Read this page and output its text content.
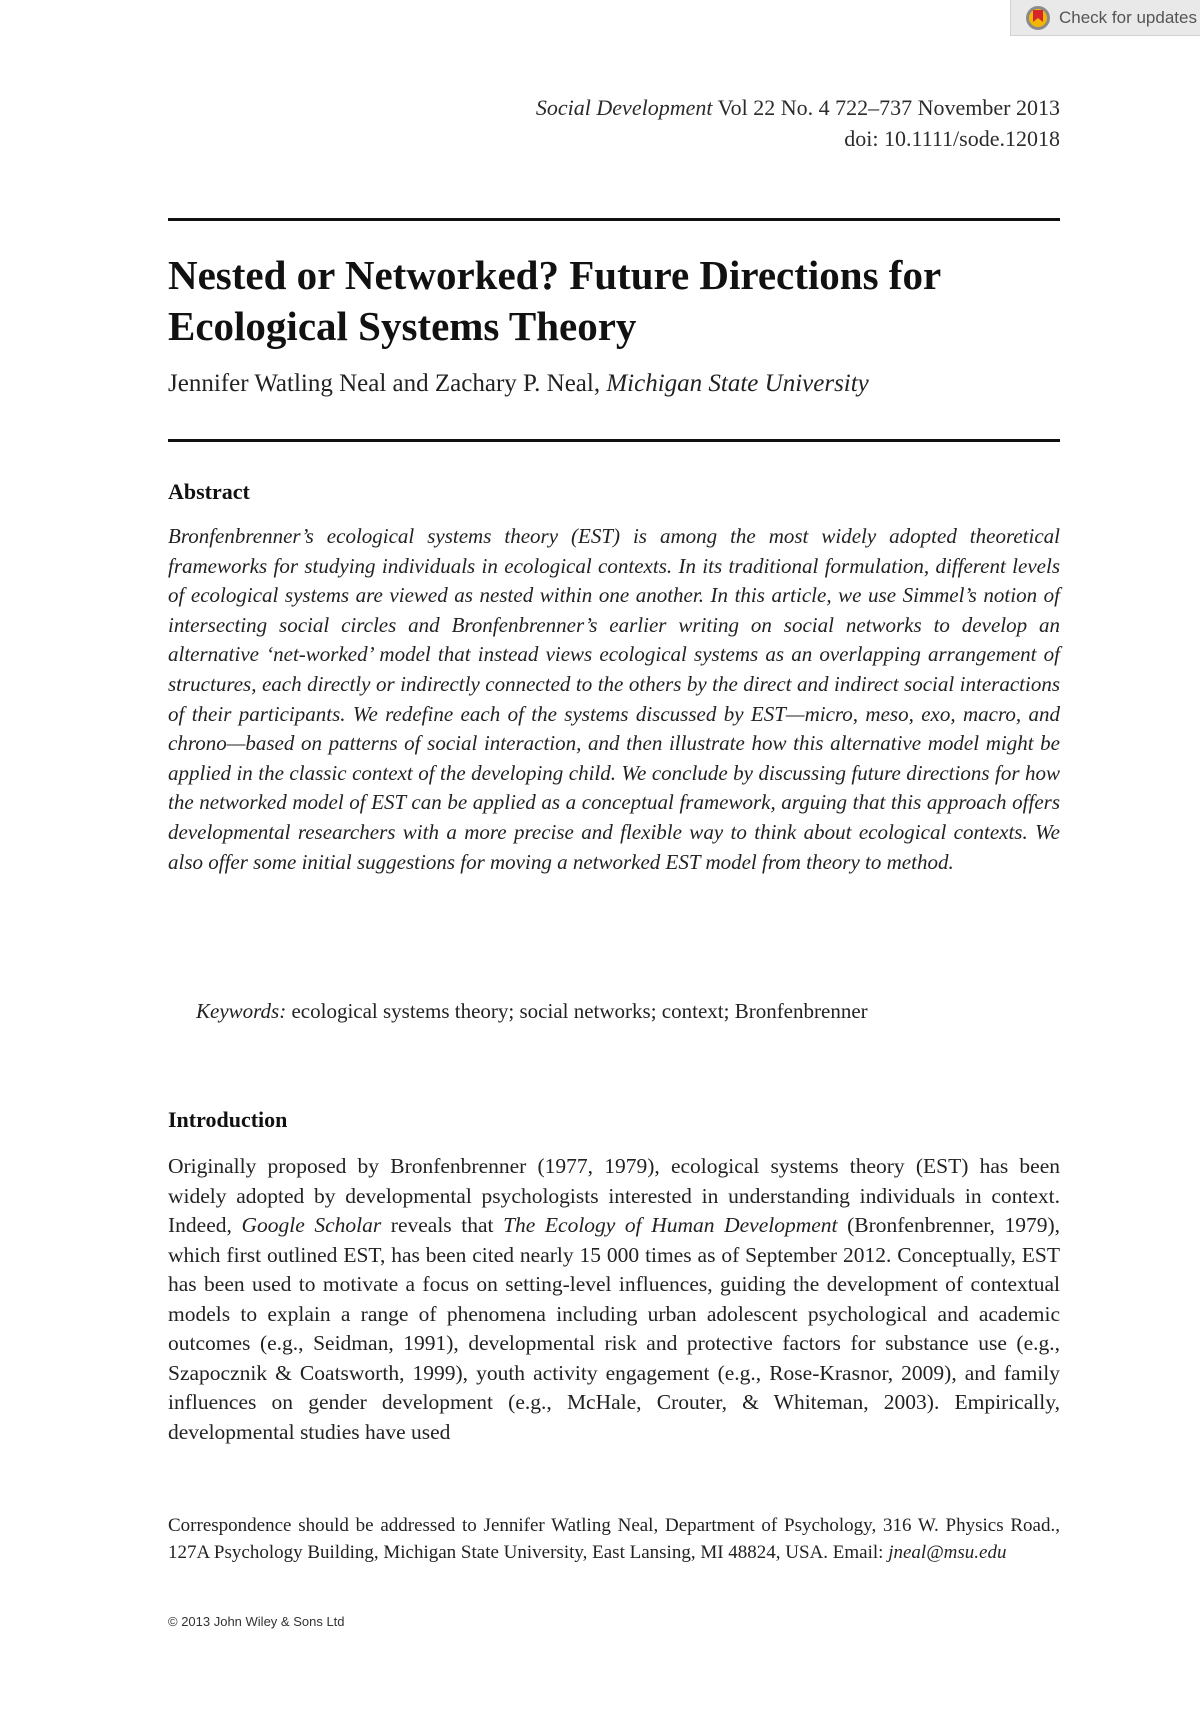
Check for updates
Social Development Vol 22 No. 4 722–737 November 2013
doi: 10.1111/sode.12018
Nested or Networked? Future Directions for Ecological Systems Theory

Jennifer Watling Neal and Zachary P. Neal, Michigan State University

Abstract

Bronfenbrenner’s ecological systems theory (EST) is among the most widely adopted theoretical frameworks for studying individuals in ecological contexts. In its traditional formulation, different levels of ecological systems are viewed as nested within one another. In this article, we use Simmel’s notion of intersecting social circles and Bronfenbrenner’s earlier writing on social networks to develop an alternative ‘net-worked’ model that instead views ecological systems as an overlapping arrangement of structures, each directly or indirectly connected to the others by the direct and indirect social interactions of their participants. We redefine each of the systems discussed by EST—micro, meso, exo, macro, and chrono—based on patterns of social interaction, and then illustrate how this alternative model might be applied in the classic context of the developing child. We conclude by discussing future directions for how the networked model of EST can be applied as a conceptual framework, arguing that this approach offers developmental researchers with a more precise and flexible way to think about ecological contexts. We also offer some initial suggestions for moving a networked EST model from theory to method.

Keywords: ecological systems theory; social networks; context; Bronfenbrenner

Introduction

Originally proposed by Bronfenbrenner (1977, 1979), ecological systems theory (EST) has been widely adopted by developmental psychologists interested in understanding individuals in context. Indeed, Google Scholar reveals that The Ecology of Human Development (Bronfenbrenner, 1979), which first outlined EST, has been cited nearly 15 000 times as of September 2012. Conceptually, EST has been used to motivate a focus on setting-level influences, guiding the development of contextual models to explain a range of phenomena including urban adolescent psychological and academic outcomes (e.g., Seidman, 1991), developmental risk and protective factors for substance use (e.g., Szapocznik & Coatsworth, 1999), youth activity engagement (e.g., Rose-Krasnor, 2009), and family influences on gender development (e.g., McHale, Crouter, & Whiteman, 2003). Empirically, developmental studies have used

Correspondence should be addressed to Jennifer Watling Neal, Department of Psychology, 316 W. Physics Road., 127A Psychology Building, Michigan State University, East Lansing, MI 48824, USA. Email: jneal@msu.edu

© 2013 John Wiley & Sons Ltd
